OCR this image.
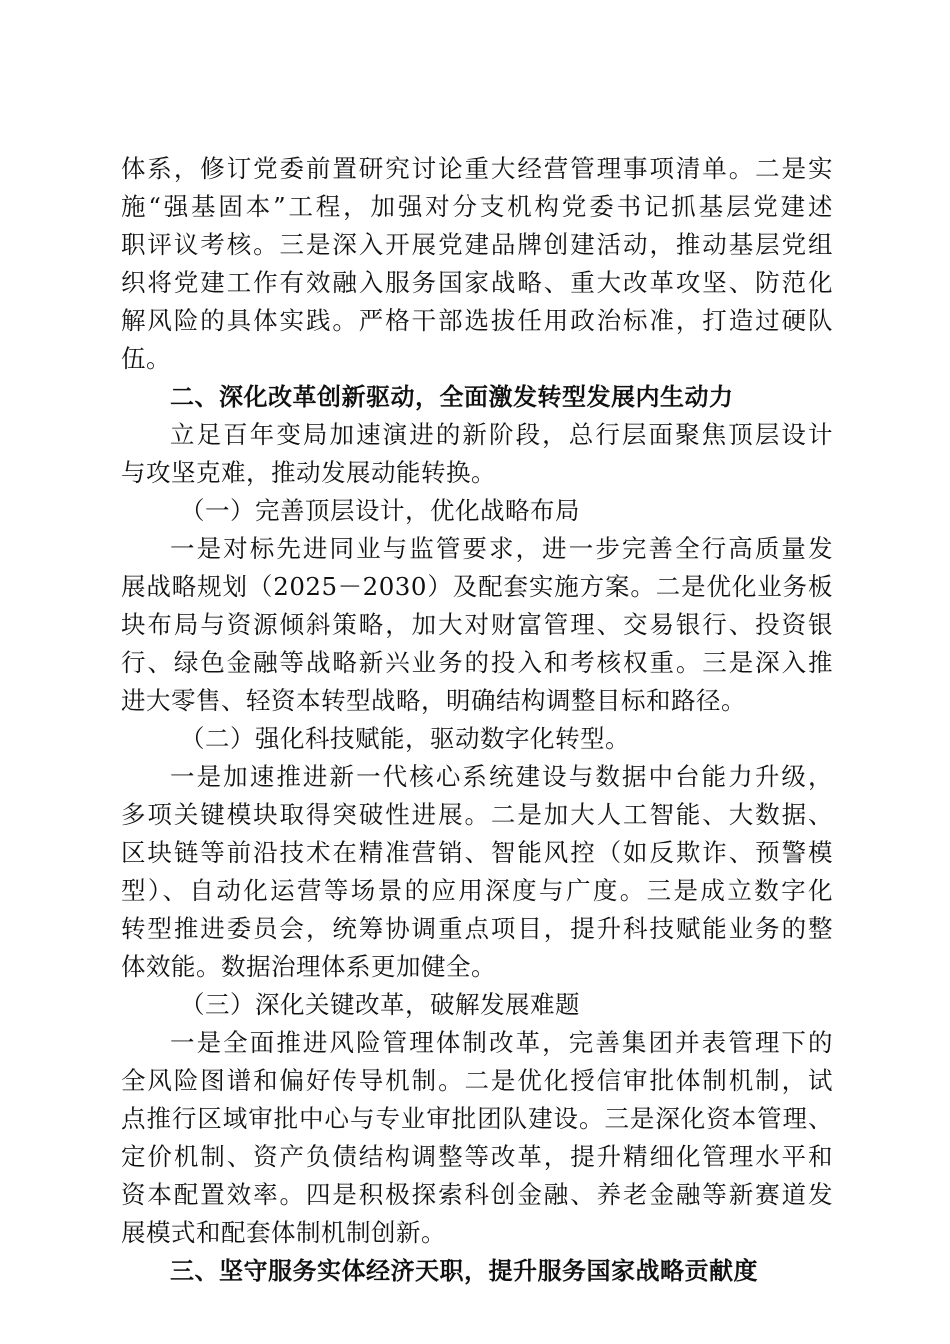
体系，修订党委前置研究讨论重大经营管理事项清单。二是实
施“强基固本”工程，加强对分支机构党委书记抓基层党建述
职评议考核。三是深入开展党建品牌创建活动，推动基层党组
织将党建工作有效融入服务国家战略、重大改革攻坚、防范化
解风险的具体实践。严格干部选拔任用政治标准，打造过硬队
伍。
二、深化改革创新驱动，全面激发转型发展内生动力
立足百年变局加速演进的新阶段，总行层面聚焦顶层设计
与攻坚克难，推动发展动能转换。
（一）完善顶层设计，优化战略布局
一是对标先进同业与监管要求，进一步完善全行高质量发
展战略规划（2025－2030）及配套实施方案。二是优化业务板
块布局与资源倾斜策略，加大对财富管理、交易银行、投资银
行、绿色金融等战略新兴业务的投入和考核权重。三是深入推
进大零售、轻资本转型战略，明确结构调整目标和路径。
（二）强化科技赋能，驱动数字化转型。
一是加速推进新一代核心系统建设与数据中台能力升级，
多项关键模块取得突破性进展。二是加大人工智能、大数据、
区块链等前沿技术在精准营销、智能风控（如反欺诈、预警模
型）、自动化运营等场景的应用深度与广度。三是成立数字化
转型推进委员会，统筹协调重点项目，提升科技赋能业务的整
体效能。数据治理体系更加健全。
（三）深化关键改革，破解发展难题
一是全面推进风险管理体制改革，完善集团并表管理下的
全风险图谱和偏好传导机制。二是优化授信审批体制机制，试
点推行区域审批中心与专业审批团队建设。三是深化资本管理、
定价机制、资产负债结构调整等改革，提升精细化管理水平和
资本配置效率。四是积极探索科创金融、养老金融等新赛道发
展模式和配套体制机制创新。
三、坚守服务实体经济天职，提升服务国家战略贡献度
